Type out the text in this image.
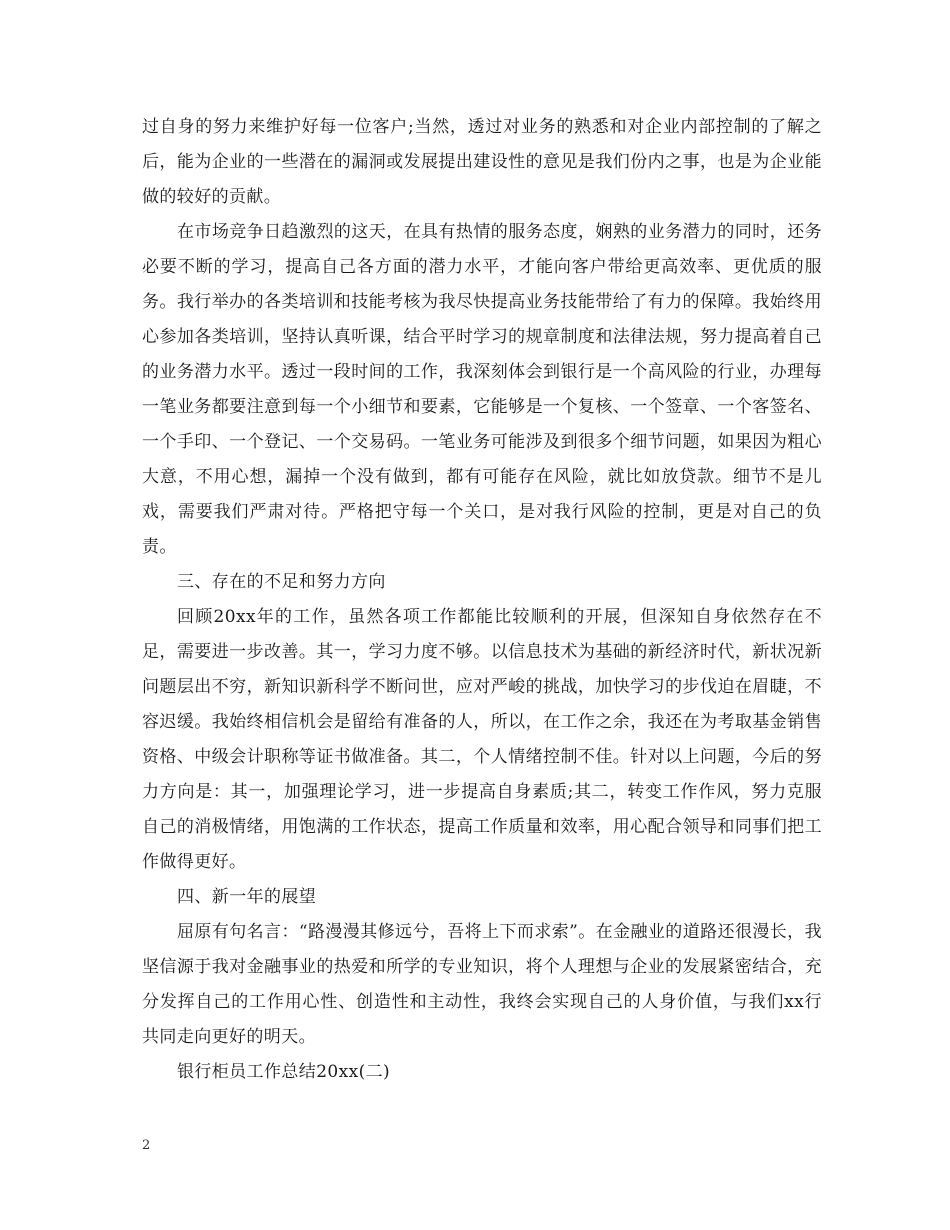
过自身的努力来维护好每一位客户;当然，透过对业务的熟悉和对企业内部控制的了解之后，能为企业的一些潜在的漏洞或发展提出建设性的意见是我们份内之事，也是为企业能做的较好的贡献。

在市场竞争日趋激烈的这天，在具有热情的服务态度，娴熟的业务潜力的同时，还务必要不断的学习，提高自己各方面的潜力水平，才能向客户带给更高效率、更优质的服务。我行举办的各类培训和技能考核为我尽快提高业务技能带给了有力的保障。我始终用心参加各类培训，坚持认真听课，结合平时学习的规章制度和法律法规，努力提高着自己的业务潜力水平。透过一段时间的工作，我深刻体会到银行是一个高风险的行业，办理每一笔业务都要注意到每一个小细节和要素，它能够是一个复核、一个签章、一个客签名、一个手印、一个登记、一个交易码。一笔业务可能涉及到很多个细节问题，如果因为粗心大意，不用心想，漏掉一个没有做到，都有可能存在风险，就比如放贷款。细节不是儿戏，需要我们严肃对待。严格把守每一个关口，是对我行风险的控制，更是对自己的负责。

三、存在的不足和努力方向

回顾20xx年的工作，虽然各项工作都能比较顺利的开展，但深知自身依然存在不足，需要进一步改善。其一，学习力度不够。以信息技术为基础的新经济时代，新状况新问题层出不穷，新知识新科学不断问世，应对严峻的挑战，加快学习的步伐迫在眉睫，不容迟缓。我始终相信机会是留给有准备的人，所以，在工作之余，我还在为考取基金销售资格、中级会计职称等证书做准备。其二，个人情绪控制不佳。针对以上问题，今后的努力方向是：其一，加强理论学习，进一步提高自身素质;其二，转变工作作风，努力克服自己的消极情绪，用饱满的工作状态，提高工作质量和效率，用心配合领导和同事们把工作做得更好。

四、新一年的展望

屈原有句名言：“路漫漫其修远兮，吾将上下而求索”。在金融业的道路还很漫长，我坚信源于我对金融事业的热爱和所学的专业知识，将个人理想与企业的发展紧密结合，充分发挥自己的工作用心性、创造性和主动性，我终会实现自己的人身价值，与我们xx行共同走向更好的明天。

银行柜员工作总结20xx(二)

2
